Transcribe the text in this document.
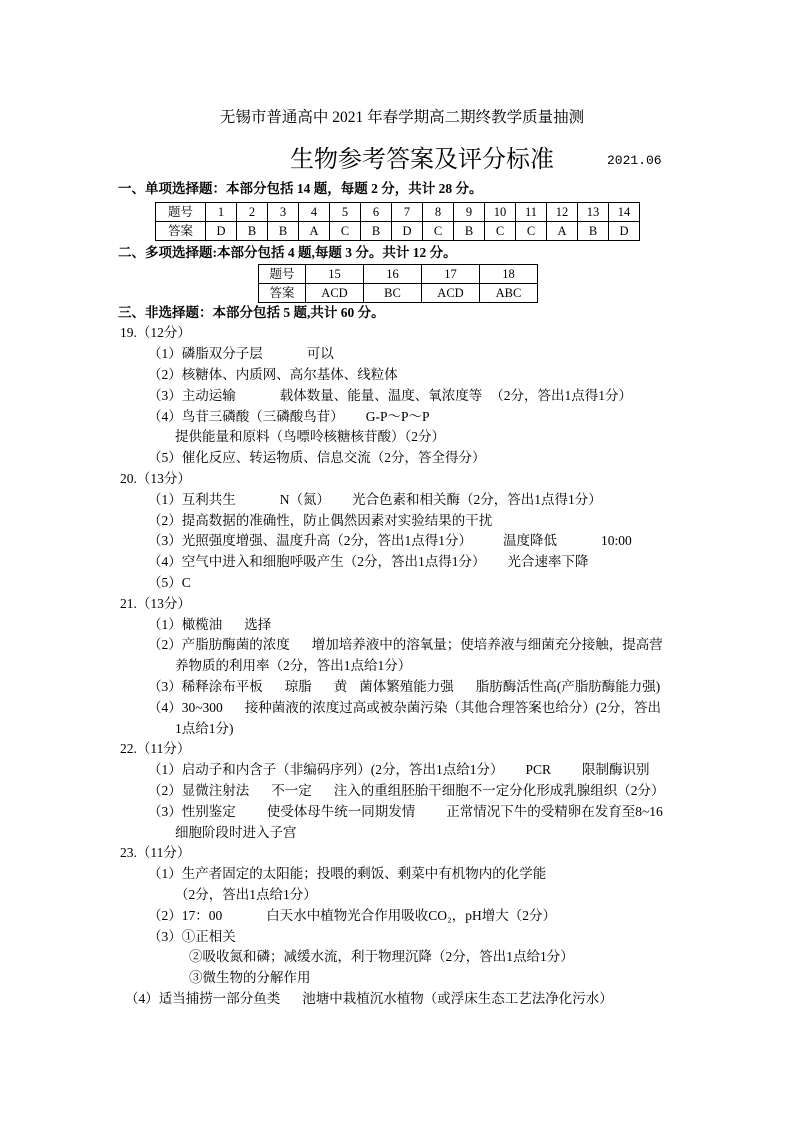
无锡市普通高中 2021 年春学期高二期终教学质量抽测
生物参考答案及评分标准	2021.06
一、单项选择题：本部分包括 14 题，每题 2 分，共计 28 分。
题号	1	2	3	4	5	6	7	8	9	10	11	12	13	14
答案	D	B	B	A	C	B	D	C	B	C	C	A	B	D
二、多项选择题:本部分包括 4 题,每题 3 分。共计 12 分。
题号	15	16	17	18
答案	ACD	BC	ACD	ABC
三、非选择题：本部分包括 5 题,共计 60 分。
19.（12分）
（1）磷脂双分子层	可以
（2）核糖体、内质网、高尔基体、线粒体
（3）主动运输	载体数量、能量、温度、氧浓度等 （2分，答出1点得1分）
（4）鸟苷三磷酸（三磷酸鸟苷） G-P～P～P
提供能量和原料（鸟嘌呤核糖核苷酸）（2分）
（5）催化反应、转运物质、信息交流（2分，答全得分）
20.（13分）
（1）互利共生	N（氮） 光合色素和相关酶（2分，答出1点得1分）
（2）提高数据的准确性，防止偶然因素对实验结果的干扰
（3）光照强度增强、温度升高（2分，答出1点得1分） 温度降低	10:00
（4）空气中进入和细胞呼吸产生（2分，答出1点得1分） 光合速率下降
（5）C
21.（13分）
（1）橄榄油 选择
（2）产脂肪酶菌的浓度 增加培养液中的溶氧量；使培养液与细菌充分接触，提高营
养物质的利用率（2分，答出1点给1分）
（3）稀释涂布平板 琼脂 黄 菌体繁殖能力强 脂肪酶活性高(产脂肪酶能力强)
（4）30~300 接种菌液的浓度过高或被杂菌污染（其他合理答案也给分）(2分，答出
1点给1分)
22.（11分）
（1）启动子和内含子（非编码序列）(2分，答出1点给1分） PCR 限制酶识别
（2）显微注射法 不一定 注入的重组胚胎干细胞不一定分化形成乳腺组织（2分）
（3）性别鉴定 使受体母牛统一同期发情 正常情况下牛的受精卵在发育至8~16
细胞阶段时进入子宫
23.（11分）
（1）生产者固定的太阳能；投喂的剩饭、剩菜中有机物内的化学能
（2分，答出1点给1分）
（2）17：00	白天水中植物光合作用吸收CO₂，pH增大（2分）
（3）①正相关
②吸收氮和磷；减缓水流，利于物理沉降（2分，答出1点给1分）
③微生物的分解作用
（4）适当捕捞一部分鱼类 池塘中栽植沉水植物（或浮床生态工艺法净化污水）
